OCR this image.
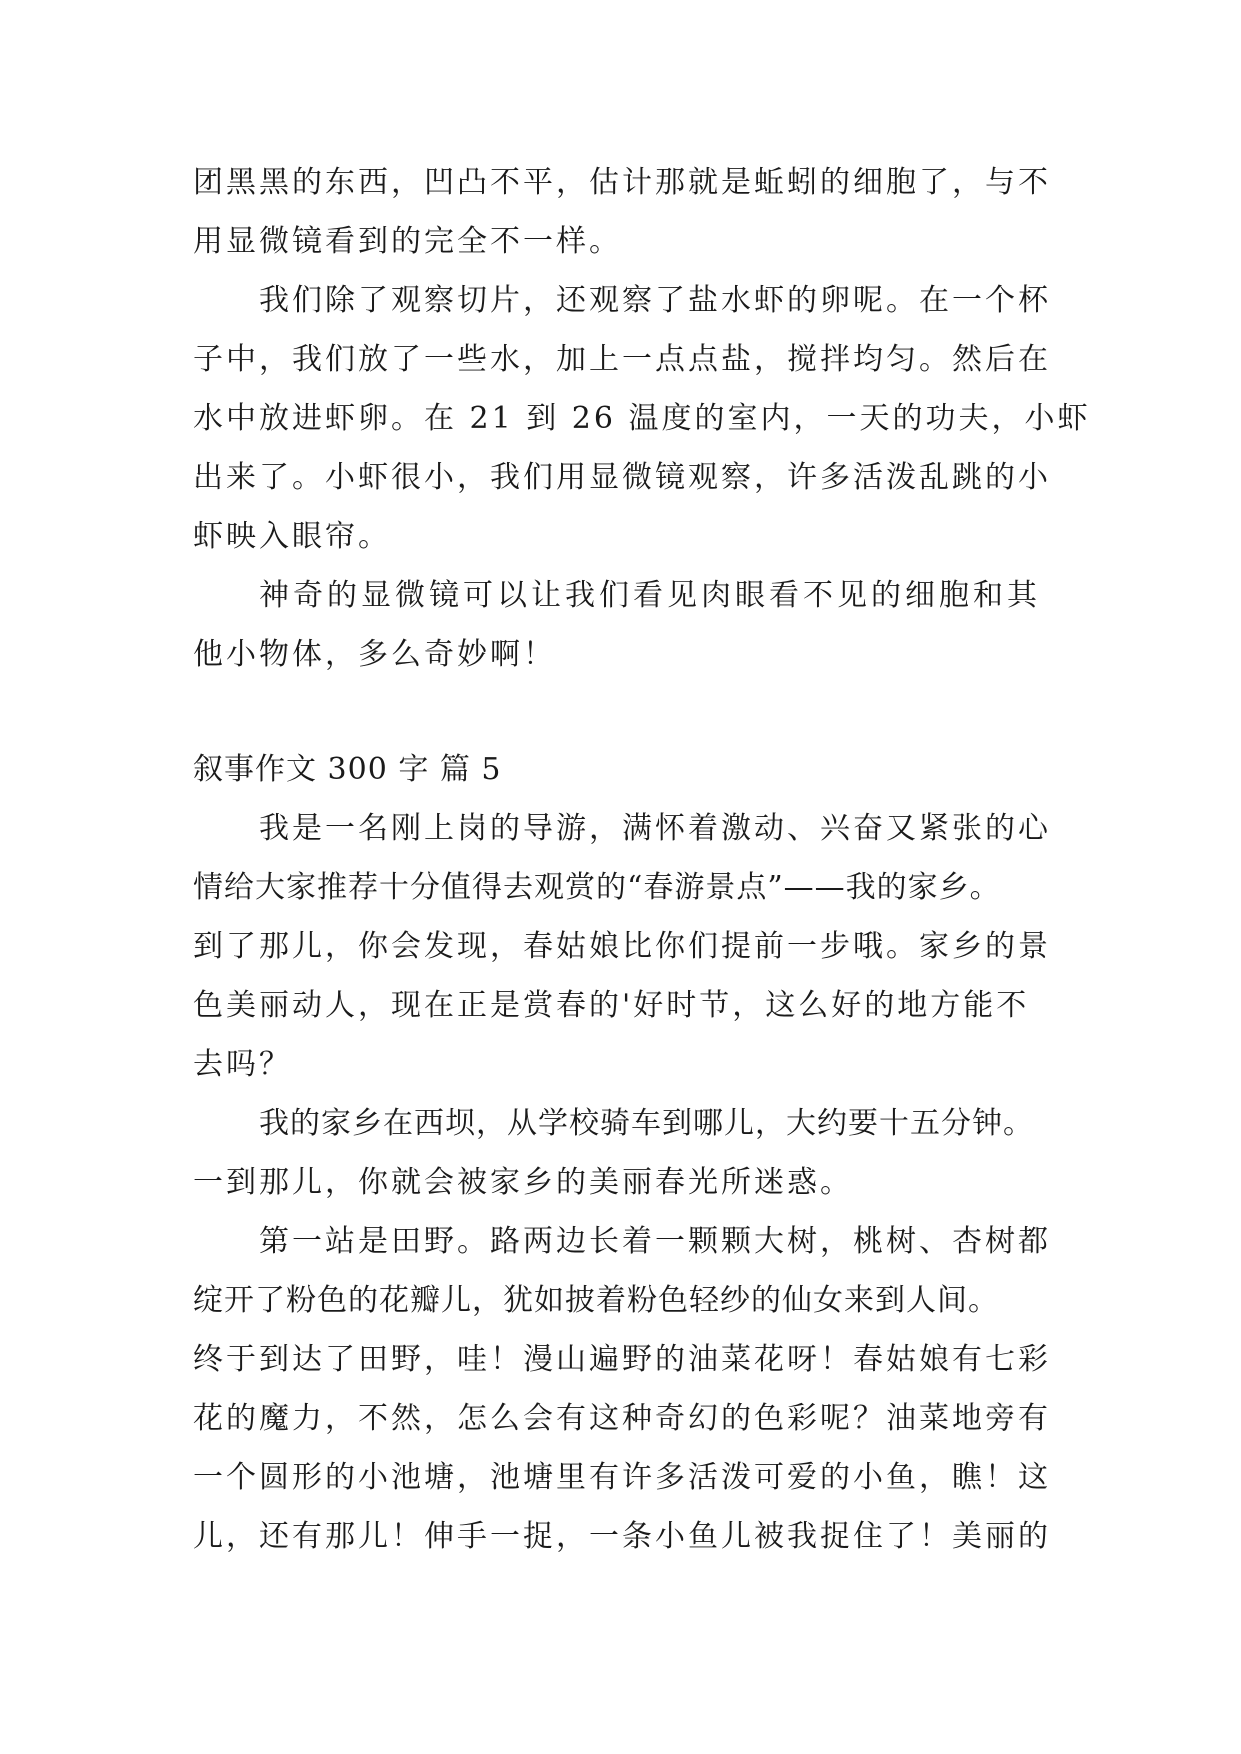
团黑黑的东西，凹凸不平，估计那就是蚯蚓的细胞了，与不
用显微镜看到的完全不一样。
我们除了观察切片，还观察了盐水虾的卵呢。在一个杯
子中，我们放了一些水，加上一点点盐，搅拌均匀。然后在
水中放进虾卵。在 21 到 26 温度的室内，一天的功夫，小虾
出来了。小虾很小，我们用显微镜观察，许多活泼乱跳的小
虾映入眼帘。
神奇的显微镜可以让我们看见肉眼看不见的细胞和其
他小物体，多么奇妙啊！
叙事作文 300 字 篇 5
我是一名刚上岗的导游，满怀着激动、兴奋又紧张的心
情给大家推荐十分值得去观赏的“春游景点”——我的家乡。
到了那儿，你会发现，春姑娘比你们提前一步哦。家乡的景
色美丽动人，现在正是赏春的'好时节，这么好的地方能不
去吗？
我的家乡在西坝，从学校骑车到哪儿，大约要十五分钟。
一到那儿，你就会被家乡的美丽春光所迷惑。
第一站是田野。路两边长着一颗颗大树，桃树、杏树都
绽开了粉色的花瓣儿，犹如披着粉色轻纱的仙女来到人间。
终于到达了田野，哇！漫山遍野的油菜花呀！春姑娘有七彩
花的魔力，不然，怎么会有这种奇幻的色彩呢？油菜地旁有
一个圆形的小池塘，池塘里有许多活泼可爱的小鱼，瞧！这
儿，还有那儿！伸手一捉，一条小鱼儿被我捉住了！美丽的
